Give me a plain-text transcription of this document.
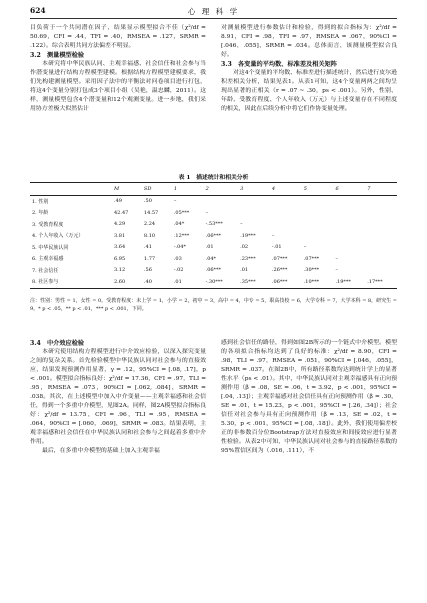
624	心 理 科 学

目负荷于一个共同潜在因子，结果显示模型拟合不佳（χ²/df = 50.69，CFI = .44，TFI = .40，RMSEA = .127，SRMR = .122）。综合表明共同方法偏差不明显。

3.2　测量模型检验

本研究将中华民族认同、主观幸福感、社会信任和社会参与当作潜变量进行结构方程模型建模。根据结构方程模型建模要求，我们先构建测量模型。采用因子法中的平衡法对问卷项目进行打包，将这4个变量分别打包成3个项目小组（吴艳，温忠麟，2011）。这样，测量模型包含4个潜变量和12个观测变量。进一步地，我们采用协方差极大似然估计

对测量模型进行参数估计和检验，得到的拟合指标为：χ²/df = 8.91，CFI = .98，TFI = .97，RMSEA = .067，90%CI = [.046，.055]，SRMR = .034。总体而言，该测量模型拟合良好。

3.3　各变量的平均数、标准差及相关矩阵

对这4个变量的平均数、标准差进行描述统计，然后进行皮尔逊积差相关分析，结果见表1。从表1可知，这4个变量两两之间均呈现出显著的正相关（r = .07 ~ .30，ps < .001）。另外，性别、年龄、受教育程度、个人年收入（万元）与上述变量存在不同程度的相关，因此在后续分析中将它们作协变量处理。

表 1　描述统计和相关分析
	M	SD	1	2	3	4	5	6	7
1. 性别	.49	.50	–						
2. 年龄	42.47	14.57	.05***	–					
3. 受教育程度	4.29	2.24	.04*	-.53***	–				
4. 个人年收入（万元）	3.81	8.10	.12***	.06***	.19***	–			
5. 中华民族认同	3.64	.41	-.04*	.01	.02	-.01	–		
6. 主观幸福感	6.95	1.77	.03	.04*	.23***	.07***	.07***	–	
7. 社会信任	3.12	.56	-.02	.06***	.01	.26***	.30***	–	
8. 社区参与	2.60	.40	.01	-.30***	.35***	.06***	.10***	.19***	.17***
注：性别：男性 = 1，女性 = 0。受教育程度：未上学 = 1，小学 = 2，初中 = 3，高中 = 4，中专 = 5，职高技校 = 6，大学专科 = 7，大学本科 = 8，研究生 = 9。* p < .05，** p < .01，*** p < .001，下同。
3.4　中介效应检验

本研究使用结构方程模型进行中介效应检验，以深入探究变量之间的复杂关系。首先检验模型中华民族认同对社会参与的直接效应，结果发现预测作用显著，γ = .12，95%CI = [.08, .17]，p < .001。模型拟合指标良好：χ²/df = 17.36，CFI = .97，TLI = .95，RMSEA = .073，90%CI = [.062, .084]，SRMR = .038。其次，在上述模型中加入中介变量——主观幸福感和社会信任，得到一个多重中介模型，见图2A。同样，图2A模型拟合指标良好：χ²/df = 13.75，CFI = .96，TLI = .95，RMSEA = .064，90%CI = [.060，.069]，SRMR = .083。结果表明，主观幸福感和社会信任在中华民族认同和社会参与之间起着多重中介作用。

最后，在多重中介模型的基础上加入主观幸福

感到社会信任的路径，得到如图2B所示的一个链式中介模型。模型的各项拟合指标均达到了良好的标准：χ²/df = 8.90，CFI = .98，TLI = .97，RMSEA = .051，90%CI = [.046，.055]，SRMR = .037。在图2B中，所有路径系数均达到统计学上的显著性水平（ps < .01）。其中，中华民族认同对主观幸福感具有正向预测作用（β = .08，SE = .06，t = 3.92，p < .001，95%CI = [.04, .13]）；主观幸福感对社会信任具有正向预测作用（β = .30，SE = .01，t = 15.23，p < .001，95%CI = [.26, .34]）；社会信任对社会参与具有正向预测作用（β = .13，SE = .02，t = 5.30，p < .001，95%CI = [.08, .18]）。此外，我们使用偏差校正的非参数百分位Bootstrap方法对直接效应和间接效应进行显著性检验。从表2中可知，中华民族认同对社会参与的直接路径系数的95%置信区间为（.016, .111），不
